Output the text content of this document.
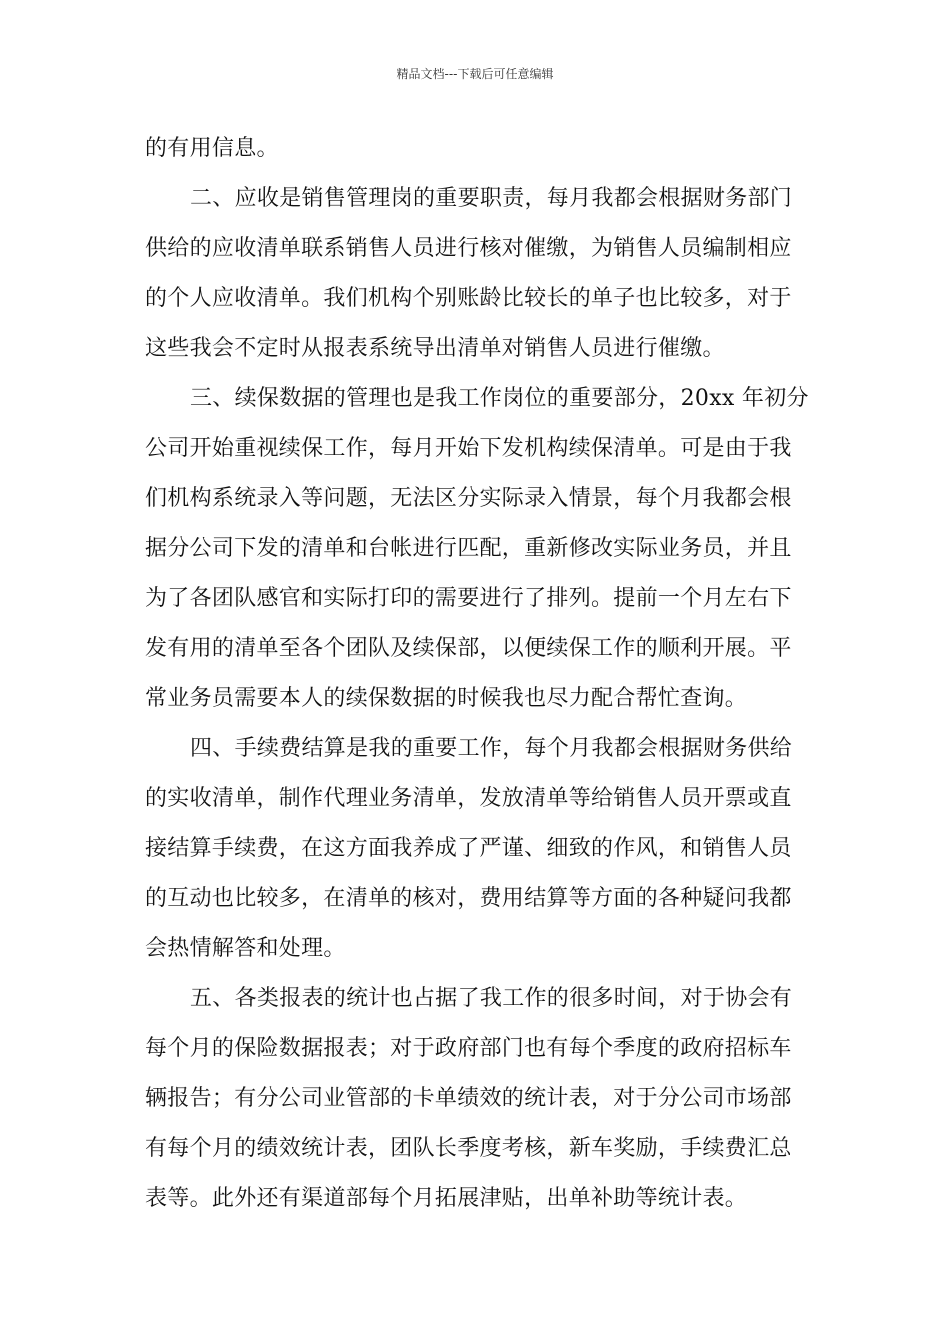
精品文档---下载后可任意编辑
的有用信息。
二、应收是销售管理岗的重要职责，每月我都会根据财务部门
供给的应收清单联系销售人员进行核对催缴，为销售人员编制相应
的个人应收清单。我们机构个别账龄比较长的单子也比较多，对于
这些我会不定时从报表系统导出清单对销售人员进行催缴。
三、续保数据的管理也是我工作岗位的重要部分，20xx 年初分
公司开始重视续保工作，每月开始下发机构续保清单。可是由于我
们机构系统录入等问题，无法区分实际录入情景，每个月我都会根
据分公司下发的清单和台帐进行匹配，重新修改实际业务员，并且
为了各团队感官和实际打印的需要进行了排列。提前一个月左右下
发有用的清单至各个团队及续保部，以便续保工作的顺利开展。平
常业务员需要本人的续保数据的时候我也尽力配合帮忙查询。
四、手续费结算是我的重要工作，每个月我都会根据财务供给
的实收清单，制作代理业务清单，发放清单等给销售人员开票或直
接结算手续费，在这方面我养成了严谨、细致的作风，和销售人员
的互动也比较多，在清单的核对，费用结算等方面的各种疑问我都
会热情解答和处理。
五、各类报表的统计也占据了我工作的很多时间，对于协会有
每个月的保险数据报表；对于政府部门也有每个季度的政府招标车
辆报告；有分公司业管部的卡单绩效的统计表，对于分公司市场部
有每个月的绩效统计表，团队长季度考核，新车奖励，手续费汇总
表等。此外还有渠道部每个月拓展津贴，出单补助等统计表。
